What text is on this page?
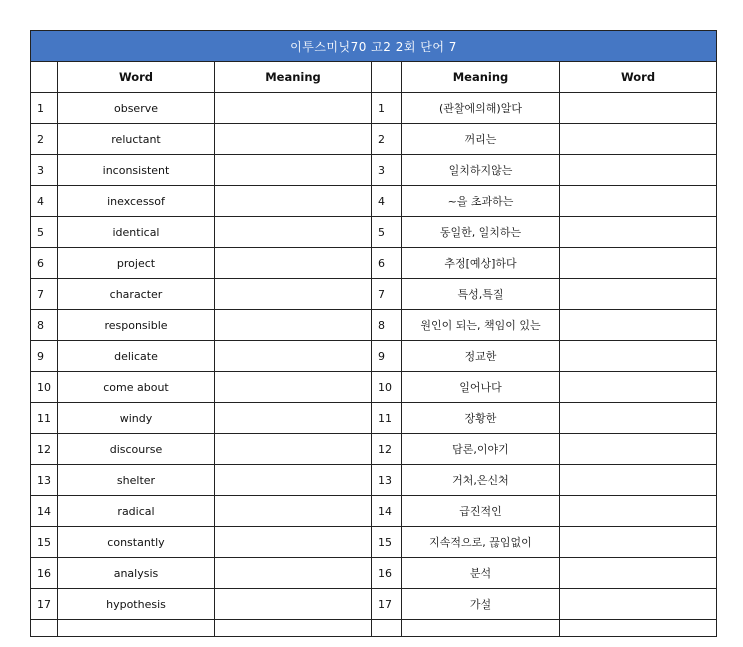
이투스미닛70 고2 2회 단어 7					
	Word	Meaning		Meaning	Word
1	observe		1	(관찰에의해)알다	
2	reluctant		2	꺼리는	
3	inconsistent		3	일치하지않는	
4	inexcessof		4	~을 초과하는	
5	identical		5	동일한, 일치하는	
6	project		6	추정[예상]하다	
7	character		7	특성,특질	
8	responsible		8	원인이 되는, 책임이 있는	
9	delicate		9	정교한	
10	come about		10	일어나다	
11	windy		11	장황한	
12	discourse		12	담론,이야기	
13	shelter		13	거처,은신처	
14	radical		14	급진적인	
15	constantly		15	지속적으로, 끊임없이	
16	analysis		16	분석	
17	hypothesis		17	가설	
